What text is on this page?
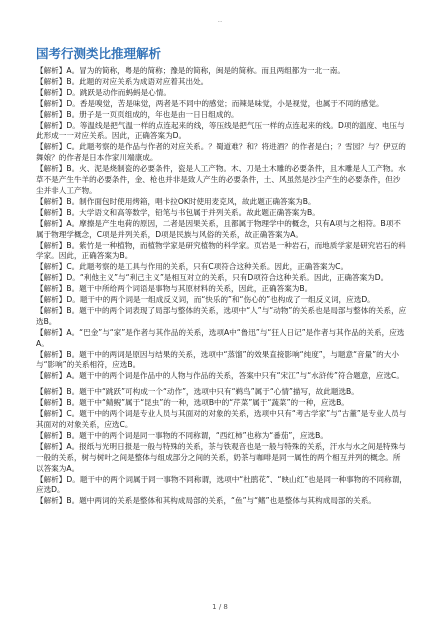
··
国考行测类比推理解析

【解析】A。冒为的简称，粤是的简称；豫是的简称，闽是的简称。而且两组都为一北一南。

【解析】B。此题的对应关系为成语对应着其出处。

【解析】D。跳跃是动作而蚂蚂是心情。

【解析】D。香是嗅觉，苦是味觉，两者是不同中的感觉；而辣是味觉，小是视觉，也属于不同的感觉。

【解析】B。册子是一页页组成的，年也是由一日日组成的。

【解析】D。等温线是把气温一样的点连起来的线，等压线是把气压一样的点连起来的线。D项的温度、电压与此形成一一对应关系。因此，正确答案为D。

【解析】C。此题考察的是作品与作者的对应关系。？蜀道难？和？将进酒？的作者是白；？雪园？与？伊豆的舞娘？的作者是日本作家川端康成。

【解析】B。火、泥是烧制瓷的必要条件，瓷是人工产物。木、刀是土木雕的必要条件，且木雕是人工产物。水草不是产生牛羊的必要条件，金、枪也并非是致人产生的必要条件，土、风虽然是沙尘产生的必要条件，但沙尘并非人工产物。

【解析】B。制作面包时使用烤箱，唱卡拉OK时使用麦克风，故此题正确答案为B。

【解析】B。大学语文和高等数学，铅笔与书包属于并列关系。故此题正确答案为B。

【解析】A。摩擦是产生电荷的原因，二者是因果关系，且都属于物理学中的概念，只有A项与之相符。B项不属于物理学概念，C项是并列关系，D项是民族与风俗的关系，故正确答案为A。

【解析】B。紫竹是一种植物，而植物学家是研究植物的科学家。页岩是一种岩石，而地质学家是研究岩石的科学家。因此，正确答案为B。

【解析】C。此题考察的是工具与作用的关系，只有C项符合这种关系。因此，正确答案为C。

【解析】D。“利他主义”与“利己主义”是相互对立的关系，只有D项符合这种关系。因此，正确答案为D。

【解析】B。题干中所给两个词语是事物与其原材料的关系，因此，正确答案为B。

【解析】D。题干中的两个词是一组成反义词，而“快乐的”和“伤心的”也构成了一组反义词，应选D。

【解析】B。题干中的两个词表现了局部与整体的关系，选项中“人”与“动物”的关系也是局部与整体的关系，应选B。

【解析】A。“巴金”与“家”是作者与其作品的关系，选项A中“鲁迅”与“狂人日记”是作者与其作品的关系，应选A。

【解析】B。题干中的两词是原因与结果的关系，选项中“蒸馏”的效果直接影响“纯度”，与题意“音量”的大小与“影响”的关系相符，应选B。

【解析】A。题干中的两个词是作品中的人物与作品的关系，答案中只有“宋江”与“水浒传”符合题意，应选C。

【解析】B。题干中“跳跃”可构成一个“动作”，选项中只有“鹈鸟”属于“心情”描写，故此题选B。

【解析】B。题干中“鲭鲵”属于“昆虫”的一种，选项B中的“芹菜”属于“蔬菜”的一种，应选B。

【解析】C。题干中的两个词是专业人员与其面对的对象的关系，选项中只有“考古学家”与“古董”是专业人员与其面对的对象关系，应选C。

【解析】B。题干中的两个词是同一事物的不同称谓，“西红柿”也称为“番茄”，应选B。

【解析】A。报纸与光明日报是一般与特殊的关系，茶与铁观音也是一般与特殊的关系，汗水与水之间是特殊与一般的关系，树与树叶之间是整体与组成部分之间的关系，奶茶与咖啡是同一属性的两个相互并列的概念。所以答案为A。

【解析】D。题干中的两个词属于同一事物不同称谓，选项中“杜鹃花”、“映山红”也是同一种事物的不同称谓，应选D。

【解析】B。题中两词的关系是整体和其构成局部的关系，“鱼”与“鳍”也是整体与其构成局部的关系。

1 / 8
